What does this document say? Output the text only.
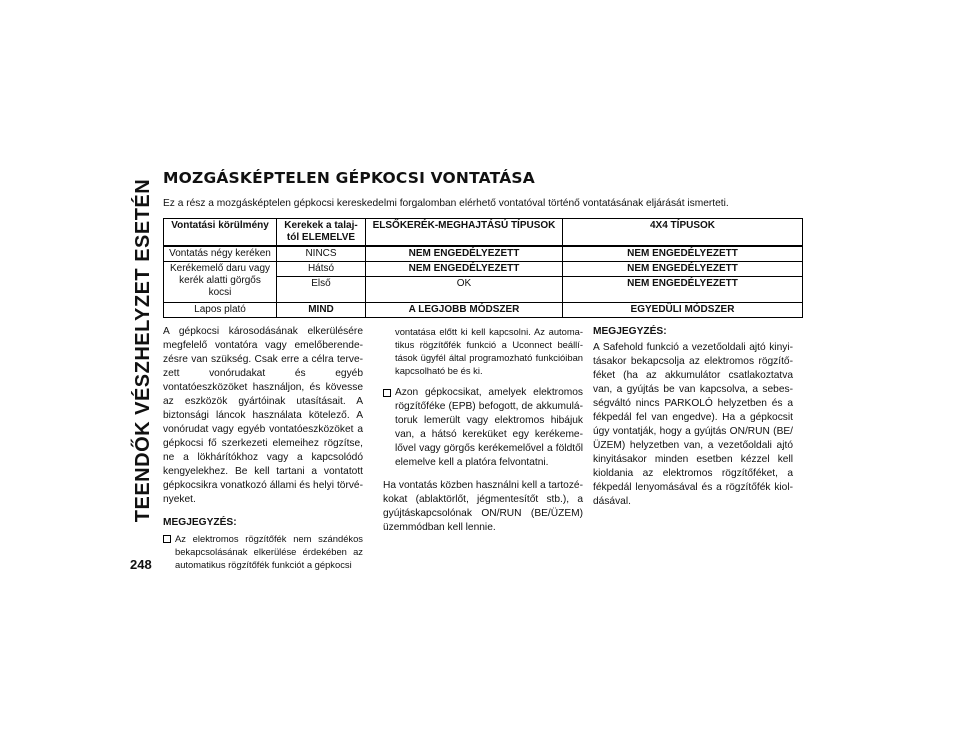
TEENDŐK VÉSZHELYZET ESETÉN
248
MOZGÁSKÉPTELEN GÉPKOCSI VONTATÁSA

Ez a rész a mozgásképtelen gépkocsi kereskedelmi forgalomban elérhető vontatóval történő vontatásának eljárását ismerteti.

Vontatási körülmény	Kerekek a talaj-tól ELEMELVE	ELSŐKERÉK-MEGHAJTÁSÚ TÍPUSOK	4X4 TÍPUSOK
Vontatás négy keréken	NINCS	NEM ENGEDÉLYEZETT	NEM ENGEDÉLYEZETT
Kerékemelő daru vagy kerék alatti görgős kocsi	Hátsó	NEM ENGEDÉLYEZETT	NEM ENGEDÉLYEZETT
	Első	OK	NEM ENGEDÉLYEZETT
Lapos plató	MIND	A LEGJOBB MÓDSZER	EGYEDÜLI MÓDSZER

A gépkocsi károsodásának elkerülésére megfelelő vontatóra vagy emelőberende-zésre van szükség. Csak erre a célra terve-zett vonórudakat és egyéb vontatóeszközöket használjon, és kövesse az eszközök gyártóinak utasításait. A biztonsági láncok használata kötelező. A vonórudat vagy egyéb vontatóeszközöket a gépkocsi fő szerkezeti elemeihez rögzítse, ne a lökhárítókhoz vagy a kapcsolódó kengyelekhez. Be kell tartani a vontatott gépkocsikra vonatkozó állami és helyi törvé-nyeket.

MEGJEGYZÉS:

Az elektromos rögzítőfék nem szándékos bekapcsolásának elkerülése érdekében az automatikus rögzítőfék funkciót a gépkocsi

vontatása előtt ki kell kapcsolni. Az automa-tikus rögzítőfék funkció a Uconnect beállí-tások ügyfél által programozható funkcióiban kapcsolható be és ki.

Azon gépkocsikat, amelyek elektromos rögzítőféke (EPB) befogott, de akkumulá-toruk lemerült vagy elektromos hibájuk van, a hátsó kereküket egy kerékeme-lővel vagy görgős kerékemelővel a földtől elemelve kell a platóra felvontatni.

Ha vontatás közben használni kell a tartozé-kokat (ablaktörlőt, jégmentesítőt stb.), a gyújtáskapcsolónak ON/RUN (BE/ÜZEM) üzemmódban kell lennie.

MEGJEGYZÉS:

A Safehold funkció a vezetőoldali ajtó kinyi-tásakor bekapcsolja az elektromos rögzítő-féket (ha az akkumulátor csatlakoztatva van, a gyújtás be van kapcsolva, a sebes-ségváltó nincs PARKOLÓ helyzetben és a fékpedál fel van engedve). Ha a gépkocsit úgy vontatják, hogy a gyújtás ON/RUN (BE/ÜZEM) helyzetben van, a vezetőoldali ajtó kinyitásakor minden esetben kézzel kell kioldania az elektromos rögzítőféket, a fékpedál lenyomásával és a rögzítőfék kiol-dásával.
